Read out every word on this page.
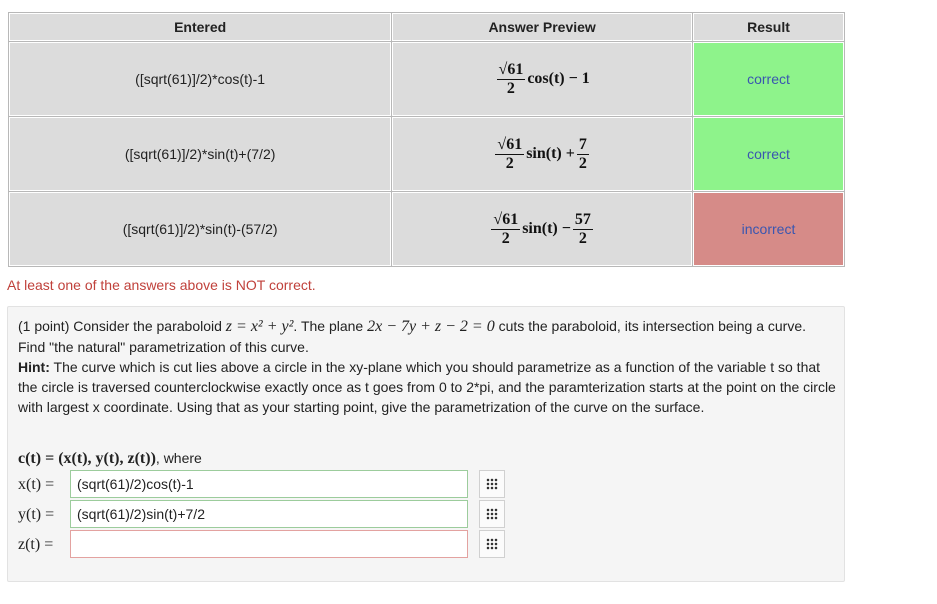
Entered	Answer Preview	Result
([sqrt(61)]/2)*cos(t)-1	$\frac{√61}{2} \cos(t) - 1$	correct
([sqrt(61)]/2)*sin(t)+(7/2)	$\frac{√61}{2} \sin(t) + \frac{7}{2}$	correct
([sqrt(61)]/2)*sin(t)-(57/2)	$\frac{√61}{2} \sin(t) - \frac{57}{2}$	incorrect
At least one of the answers above is NOT correct.
(1 point) Consider the paraboloid z = x² + y². The plane 2x − 7y + z − 2 = 0 cuts the paraboloid, its intersection being a curve.
Find "the natural" parametrization of this curve.
Hint: The curve which is cut lies above a circle in the xy-plane which you should parametrize as a function of the variable t so that the circle is traversed counterclockwise exactly once as t goes from 0 to 2*pi, and the paramterization starts at the point on the circle with largest x coordinate. Using that as your starting point, give the parametrization of the curve on the surface.
c(t) = (x(t), y(t), z(t)), where
x(t) =
(sqrt(61)/2)cos(t)-1
y(t) =
(sqrt(61)/2)sin(t)+7/2
z(t) =
